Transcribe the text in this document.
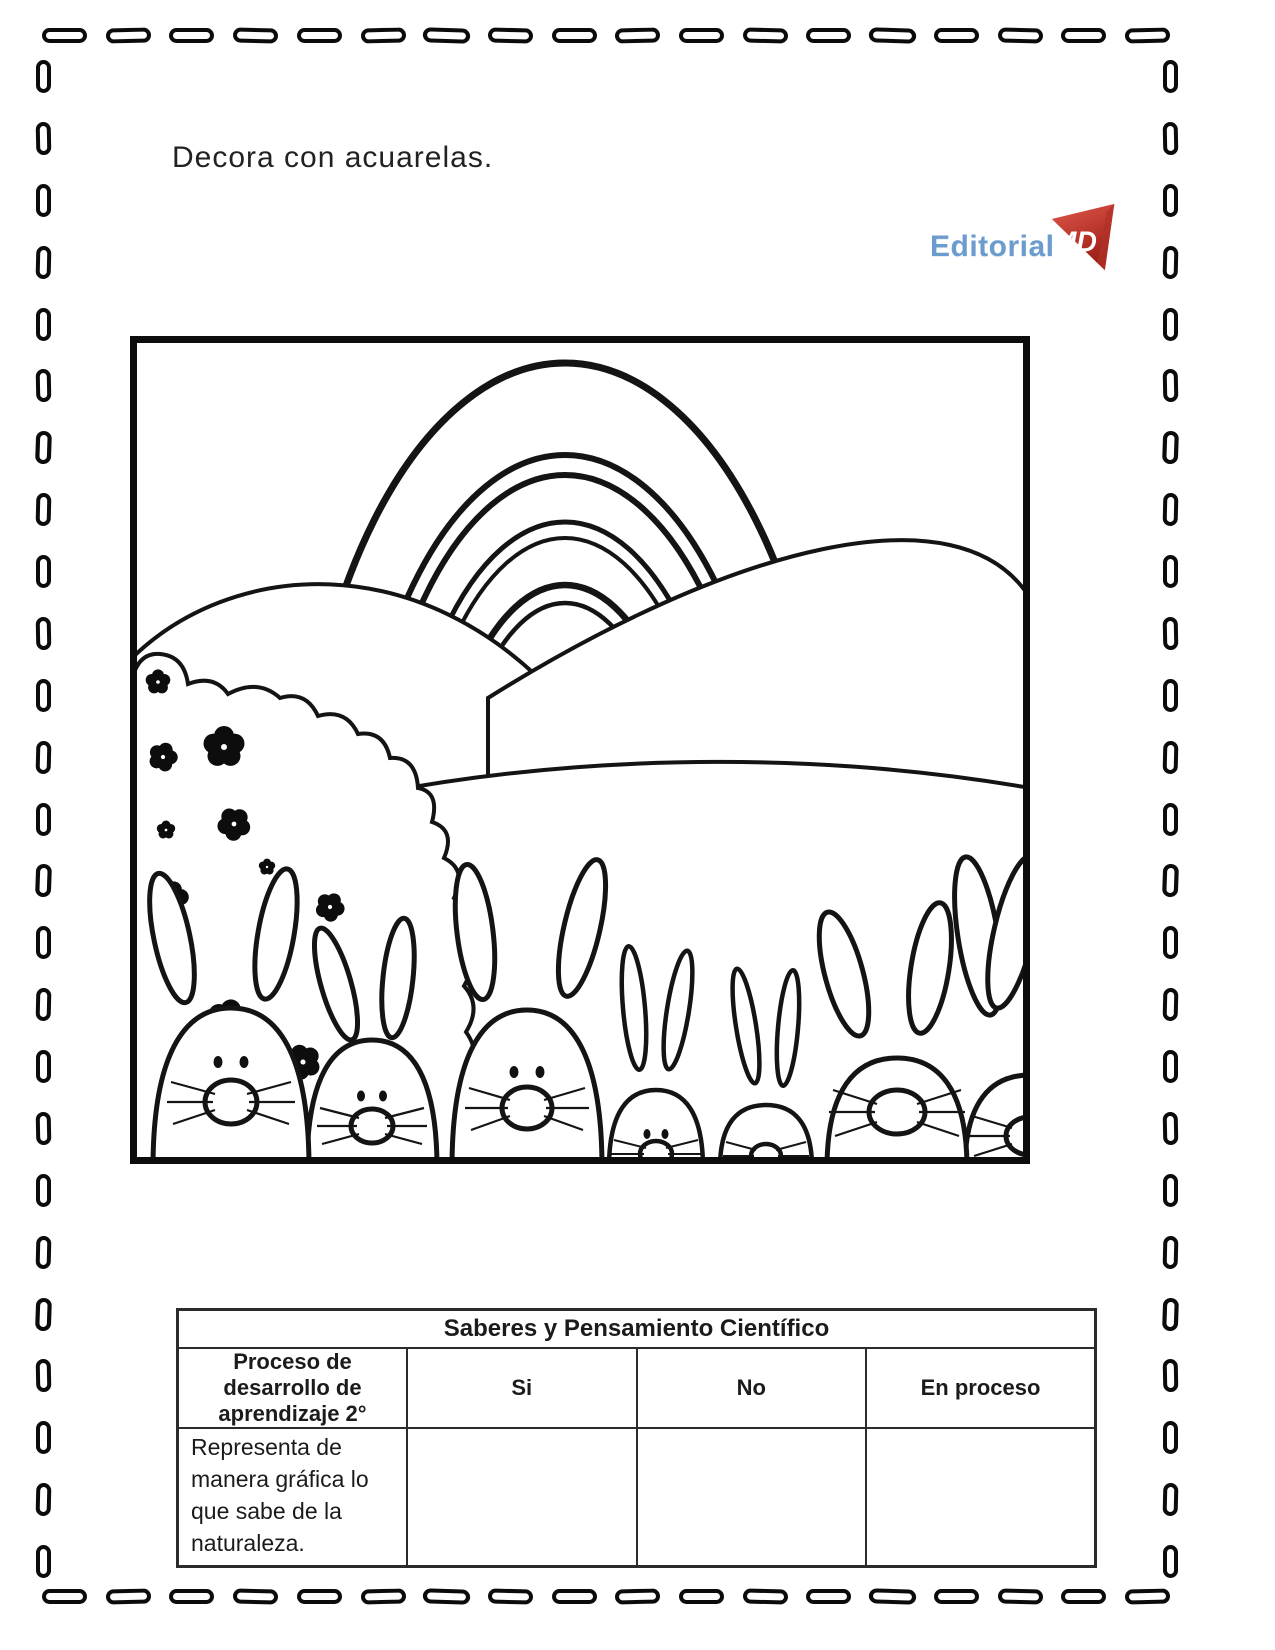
Decora con acuarelas.
Editorial
MD
Saberes y Pensamiento Científico			
Proceso de desarrollo de aprendizaje 2°	Si	No	En proceso
Representa de manera gráfica lo que sabe de la naturaleza.			
